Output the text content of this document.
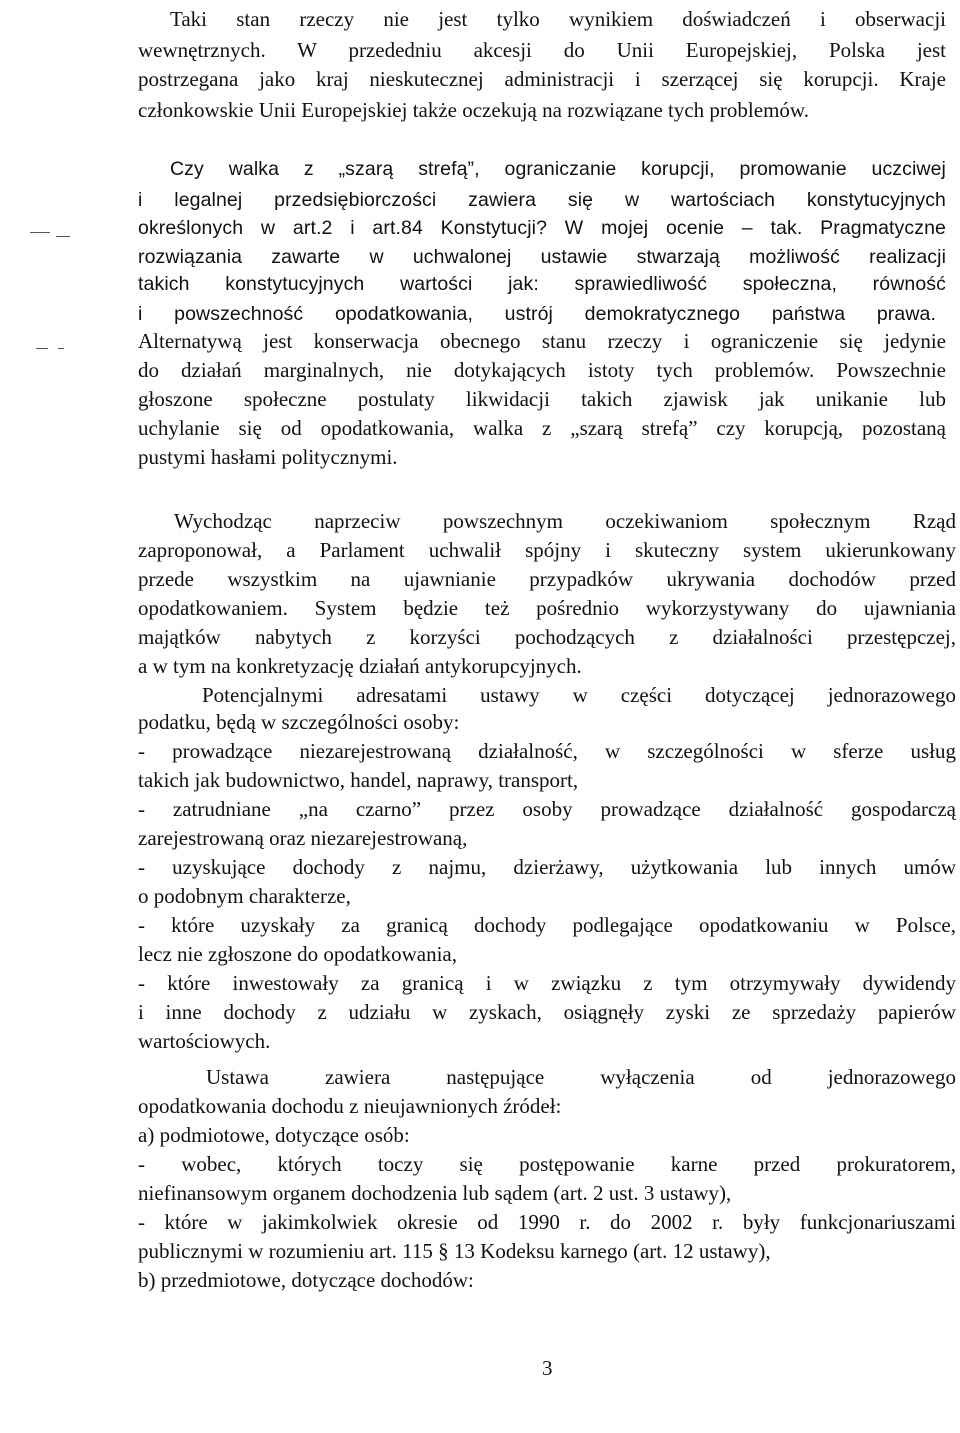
Taki stan rzeczy nie jest tylko wynikiem doświadczeń i obserwacji
wewnętrznych. W przededniu akcesji do Unii Europejskiej, Polska jest
postrzegana jako kraj nieskutecznej administracji i szerzącej się korupcji. Kraje
członkowskie Unii Europejskiej także oczekują na rozwiązane tych problemów.
Czy walka z „szarą strefą”, ograniczanie korupcji, promowanie uczciwej
i legalnej przedsiębiorczości zawiera się w wartościach konstytucyjnych
określonych w art.2 i art.84 Konstytucji? W mojej ocenie – tak. Pragmatyczne
rozwiązania zawarte w uchwalonej ustawie stwarzają możliwość realizacji
takich konstytucyjnych wartości jak: sprawiedliwość społeczna, równość
i powszechność opodatkowania, ustrój demokratycznego państwa prawa.
Alternatywą jest konserwacja obecnego stanu rzeczy i ograniczenie się jedynie
do działań marginalnych, nie dotykających istoty tych problemów. Powszechnie
głoszone społeczne postulaty likwidacji takich zjawisk jak unikanie lub
uchylanie się od opodatkowania, walka z „szarą strefą” czy korupcją, pozostaną
pustymi hasłami politycznymi.
Wychodząc naprzeciw powszechnym oczekiwaniom społecznym Rząd
zaproponował, a Parlament uchwalił spójny i skuteczny system ukierunkowany
przede wszystkim na ujawnianie przypadków ukrywania dochodów przed
opodatkowaniem. System będzie też pośrednio wykorzystywany do ujawniania
majątków nabytych z korzyści pochodzących z działalności przestępczej,
a w tym na konkretyzację działań antykorupcyjnych.
Potencjalnymi adresatami ustawy w części dotyczącej jednorazowego
podatku, będą w szczególności osoby:
- prowadzące niezarejestrowaną działalność, w szczególności w sferze usług
takich jak budownictwo, handel, naprawy, transport,
- zatrudniane „na czarno” przez osoby prowadzące działalność gospodarczą
zarejestrowaną oraz niezarejestrowaną,
- uzyskujące dochody z najmu, dzierżawy, użytkowania lub innych umów
o podobnym charakterze,
- które uzyskały za granicą dochody podlegające opodatkowaniu w Polsce,
lecz nie zgłoszone do opodatkowania,
- które inwestowały za granicą i w związku z tym otrzymywały dywidendy
i inne dochody z udziału w zyskach, osiągnęły zyski ze sprzedaży papierów
wartościowych.
Ustawa zawiera następujące wyłączenia od jednorazowego
opodatkowania dochodu z nieujawnionych źródeł:
a) podmiotowe, dotyczące osób:
- wobec, których toczy się postępowanie karne przed prokuratorem,
niefinansowym organem dochodzenia lub sądem (art. 2 ust. 3 ustawy),
- które w jakimkolwiek okresie od 1990 r. do 2002 r. były funkcjonariuszami
publicznymi w rozumieniu art. 115 § 13 Kodeksu karnego (art. 12 ustawy),
b) przedmiotowe, dotyczące dochodów:
3
